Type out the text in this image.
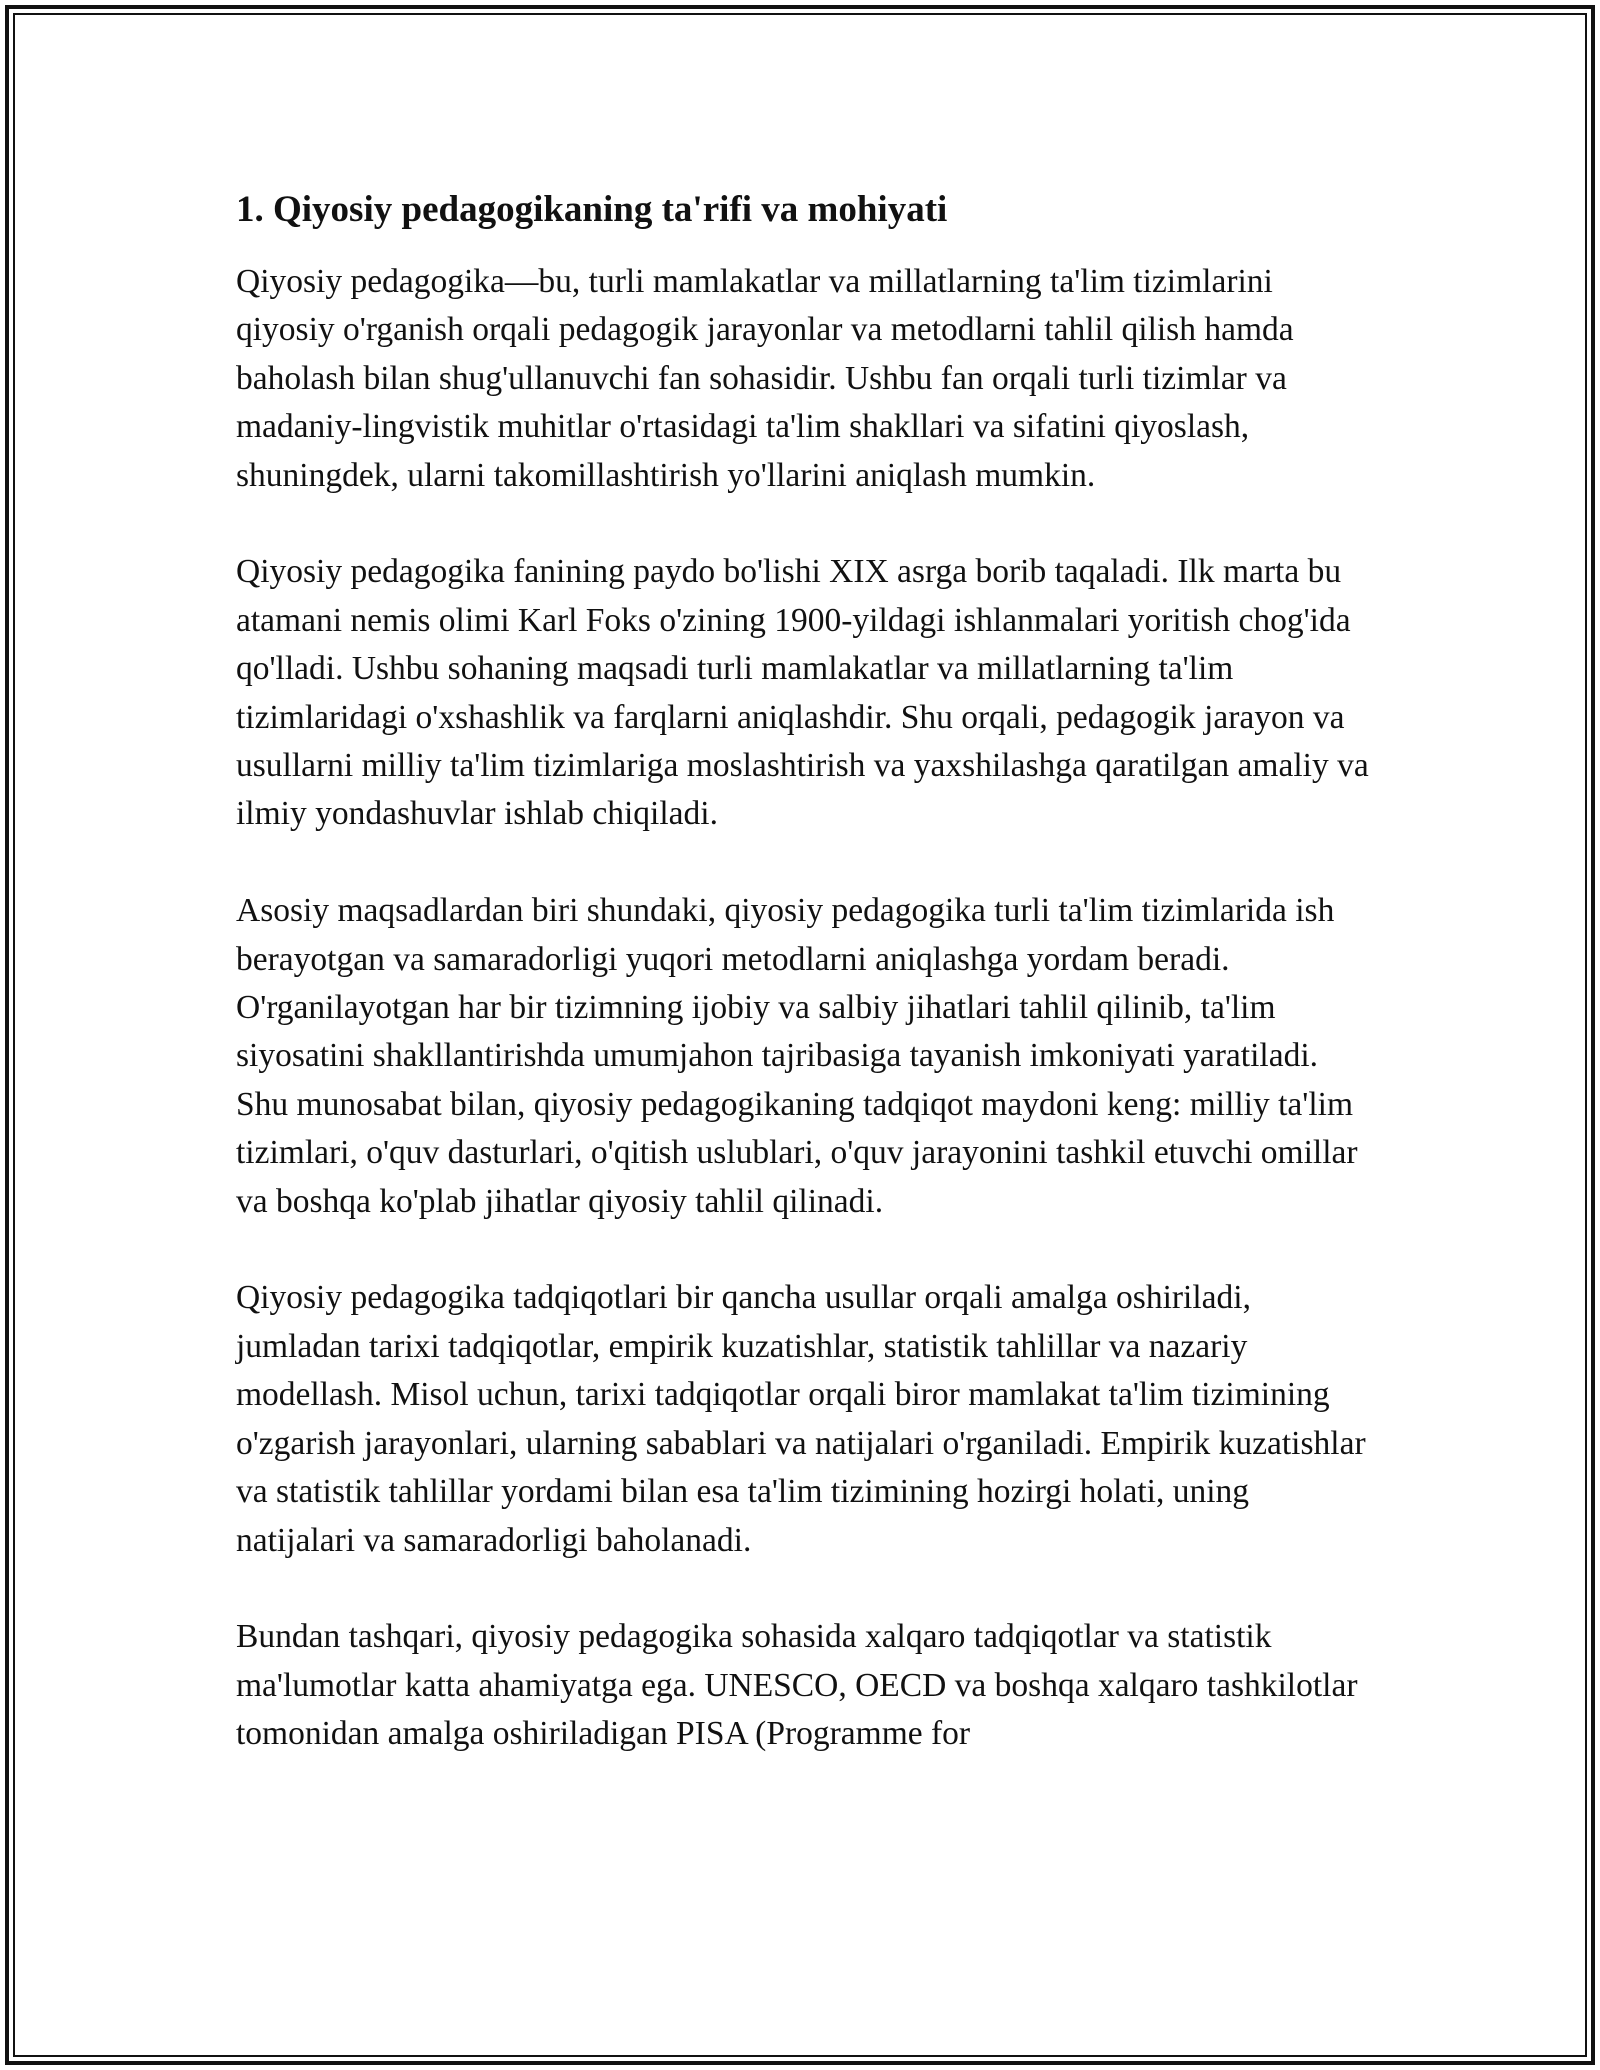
1. Qiyosiy pedagogikaning ta'rifi va mohiyati

Qiyosiy pedagogika—bu, turli mamlakatlar va millatlarning ta'lim tizimlarini qiyosiy o'rganish orqali pedagogik jarayonlar va metodlarni tahlil qilish hamda baholash bilan shug'ullanuvchi fan sohasidir. Ushbu fan orqali turli tizimlar va madaniy-lingvistik muhitlar o'rtasidagi ta'lim shakllari va sifatini qiyoslash, shuningdek, ularni takomillashtirish yo'llarini aniqlash mumkin.

Qiyosiy pedagogika fanining paydo bo'lishi XIX asrga borib taqaladi. Ilk marta bu atamani nemis olimi Karl Foks o'zining 1900-yildagi ishlanmalari yoritish chog'ida qo'lladi. Ushbu sohaning maqsadi turli mamlakatlar va millatlarning ta'lim tizimlaridagi o'xshashlik va farqlarni aniqlashdir. Shu orqali, pedagogik jarayon va usullarni milliy ta'lim tizimlariga moslashtirish va yaxshilashga qaratilgan amaliy va ilmiy yondashuvlar ishlab chiqiladi.

Asosiy maqsadlardan biri shundaki, qiyosiy pedagogika turli ta'lim tizimlarida ish berayotgan va samaradorligi yuqori metodlarni aniqlashga yordam beradi. O'rganilayotgan har bir tizimning ijobiy va salbiy jihatlari tahlil qilinib, ta'lim siyosatini shakllantirishda umumjahon tajribasiga tayanish imkoniyati yaratiladi. Shu munosabat bilan, qiyosiy pedagogikaning tadqiqot maydoni keng: milliy ta'lim tizimlari, o'quv dasturlari, o'qitish uslublari, o'quv jarayonini tashkil etuvchi omillar va boshqa ko'plab jihatlar qiyosiy tahlil qilinadi.

Qiyosiy pedagogika tadqiqotlari bir qancha usullar orqali amalga oshiriladi, jumladan tarixi tadqiqotlar, empirik kuzatishlar, statistik tahlillar va nazariy modellash. Misol uchun, tarixi tadqiqotlar orqali biror mamlakat ta'lim tizimining o'zgarish jarayonlari, ularning sabablari va natijalari o'rganiladi. Empirik kuzatishlar va statistik tahlillar yordami bilan esa ta'lim tizimining hozirgi holati, uning natijalari va samaradorligi baholanadi.

Bundan tashqari, qiyosiy pedagogika sohasida xalqaro tadqiqotlar va statistik ma'lumotlar katta ahamiyatga ega. UNESCO, OECD va boshqa xalqaro tashkilotlar tomonidan amalga oshiriladigan PISA (Programme for
